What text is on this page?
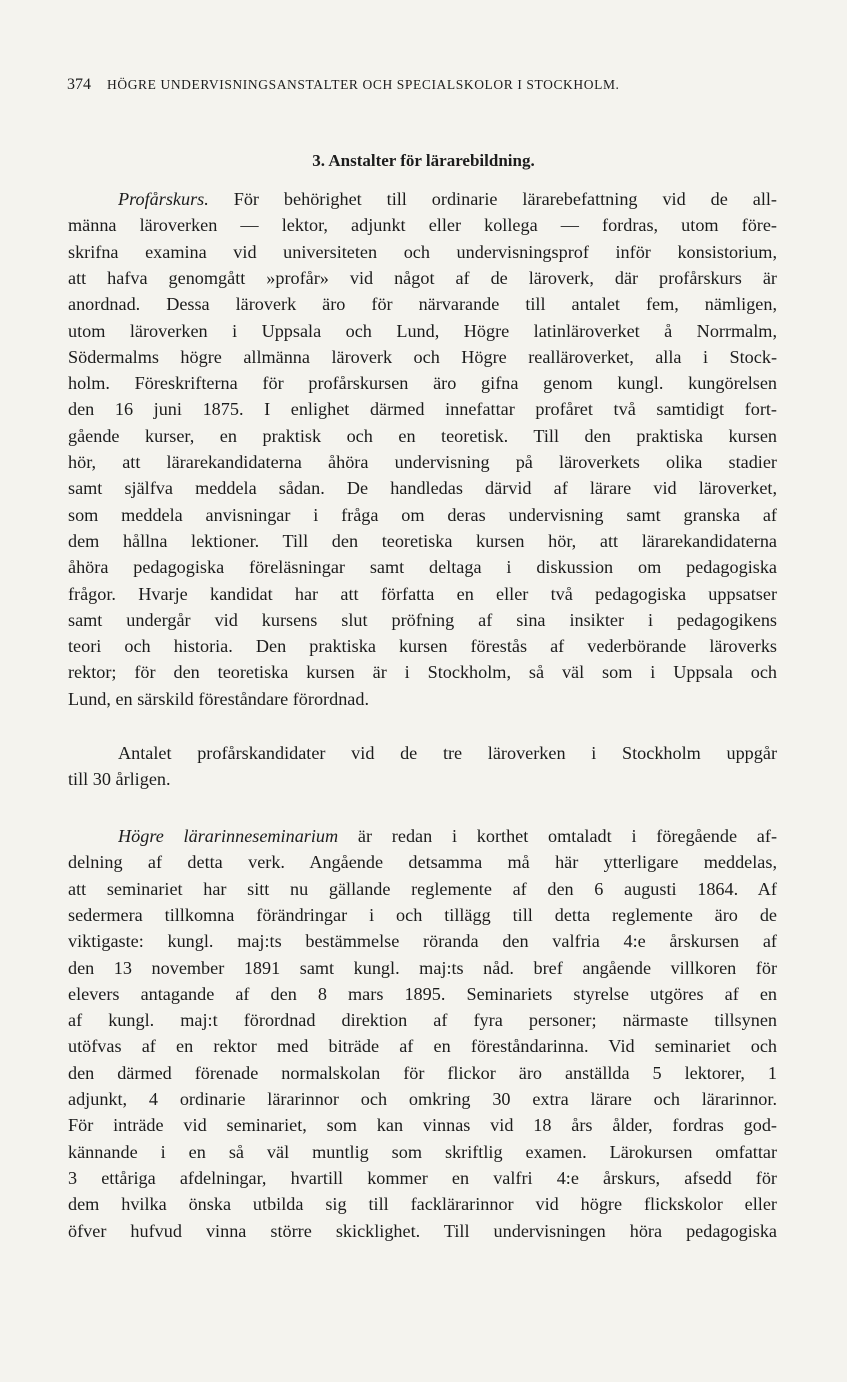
374 HÖGRE UNDERVISNINGSANSTALTER OCH SPECIALSKOLOR I STOCKHOLM.
3. Anstalter för lärarebildning.
Profårskurs. För behörighet till ordinarie lärarebefattning vid de all-
männa läroverken — lektor, adjunkt eller kollega — fordras, utom före-
skrifna examina vid universiteten och undervisningsprof inför konsistorium,
att hafva genomgått »profår» vid något af de läroverk, där profårskurs är
anordnad. Dessa läroverk äro för närvarande till antalet fem, nämligen,
utom läroverken i Uppsala och Lund, Högre latinläroverket å Norrmalm,
Södermalms högre allmänna läroverk och Högre realläroverket, alla i Stock-
holm. Föreskrifterna för profårskursen äro gifna genom kungl. kungörelsen
den 16 juni 1875. I enlighet därmed innefattar profåret två samtidigt fort-
gående kurser, en praktisk och en teoretisk. Till den praktiska kursen
hör, att lärarekandidaterna åhöra undervisning på läroverkets olika stadier
samt själfva meddela sådan. De handledas därvid af lärare vid läroverket,
som meddela anvisningar i fråga om deras undervisning samt granska af
dem hållna lektioner. Till den teoretiska kursen hör, att lärarekandidaterna
åhöra pedagogiska föreläsningar samt deltaga i diskussion om pedagogiska
frågor. Hvarje kandidat har att författa en eller två pedagogiska uppsatser
samt undergår vid kursens slut pröfning af sina insikter i pedagogikens
teori och historia. Den praktiska kursen förestås af vederbörande läroverks
rektor; för den teoretiska kursen är i Stockholm, så väl som i Uppsala och
Lund, en särskild föreståndare förordnad.
Antalet profårskandidater vid de tre läroverken i Stockholm uppgår
till 30 årligen.
Högre lärarinneseminarium är redan i korthet omtaladt i föregående af-
delning af detta verk. Angående detsamma må här ytterligare meddelas,
att seminariet har sitt nu gällande reglemente af den 6 augusti 1864. Af
sedermera tillkomna förändringar i och tillägg till detta reglemente äro de
viktigaste: kungl. maj:ts bestämmelse röranda den valfria 4:e årskursen af
den 13 november 1891 samt kungl. maj:ts nåd. bref angående villkoren för
elevers antagande af den 8 mars 1895. Seminariets styrelse utgöres af en
af kungl. maj:t förordnad direktion af fyra personer; närmaste tillsynen
utöfvas af en rektor med biträde af en föreståndarinna. Vid seminariet och
den därmed förenade normalskolan för flickor äro anställda 5 lektorer, 1
adjunkt, 4 ordinarie lärarinnor och omkring 30 extra lärare och lärarinnor.
För inträde vid seminariet, som kan vinnas vid 18 års ålder, fordras god-
kännande i en så väl muntlig som skriftlig examen. Lärokursen omfattar
3 ettåriga afdelningar, hvartill kommer en valfri 4:e årskurs, afsedd för
dem hvilka önska utbilda sig till facklärarinnor vid högre flickskolor eller
öfver hufvud vinna större skicklighet. Till undervisningen höra pedagogiska
